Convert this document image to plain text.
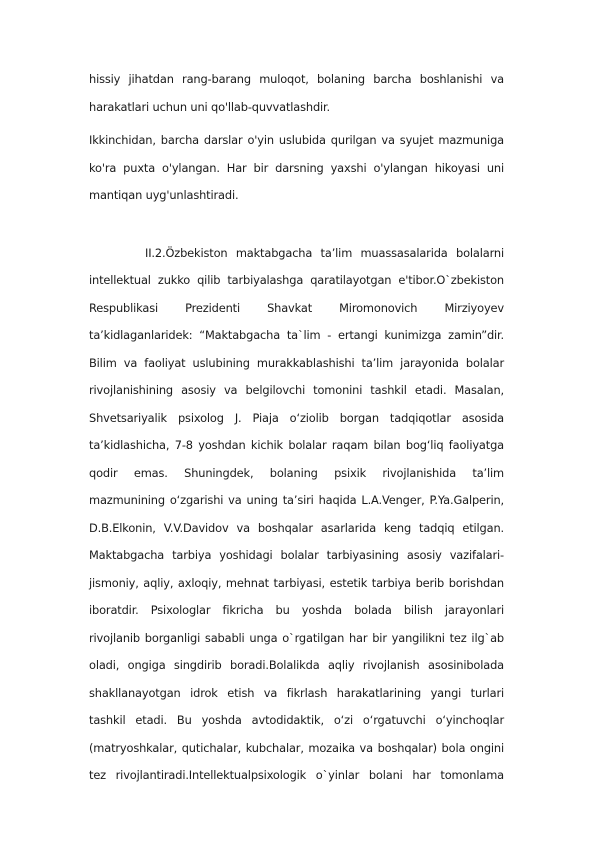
hissiy jihatdan rang-barang muloqot, bolaning barcha boshlanishi va
harakatlari uchun uni qo'llab-quvvatlashdir.

Ikkinchidan, barcha darslar o'yin uslubida qurilgan va syujet mazmuniga
ko'ra puxta o'ylangan. Har bir darsning yaxshi o'ylangan hikoyasi uni
mantiqan uyg'unlashtiradi.

II.2.Özbekiston maktabgacha ta’lim muassasalarida bolalarni
intellektual zukko qilib tarbiyalashga qaratilayotgan e'tibor.O`zbekiston
Respublikasi Prezidenti Shavkat Miromonovich Mirziyoyev
ta’kidlaganlaridek: “Maktabgacha ta`lim - ertangi kunimizga zamin”dir.
Bilim va faoliyat uslubining murakkablashishi ta’lim jarayonida bolalar
rivojlanishining asosiy va belgilovchi tomonini tashkil etadi. Masalan,
Shvetsariyalik psixolog J. Piaja o‘ziolib borgan tadqiqotlar asosida
ta’kidlashicha, 7-8 yoshdan kichik bolalar raqam bilan bog‘liq faoliyatga
qodir emas. Shuningdek, bolaning psixik rivojlanishida ta’lim
mazmunining o‘zgarishi va uning ta’siri haqida L.A.Venger, P.Ya.Galperin,
D.B.Elkonin, V.V.Davidov va boshqalar asarlarida keng tadqiq etilgan.
Maktabgacha tarbiya yoshidagi bolalar tarbiyasining asosiy vazifalari-
jismoniy, aqliy, axloqiy, mehnat tarbiyasi, estetik tarbiya berib borishdan
iboratdir. Psixologlar fikricha bu yoshda bolada bilish jarayonlari
rivojlanib borganligi sababli unga o`rgatilgan har bir yangilikni tez ilg`ab
oladi, ongiga singdirib boradi.Bolalikda aqliy rivojlanish asosinibolada
shakllanayotgan idrok etish va fikrlash harakatlarining yangi turlari
tashkil etadi. Bu yoshda avtodidaktik, o‘zi o‘rgatuvchi o‘yinchoqlar
(matryoshkalar, qutichalar, kubchalar, mozaika va boshqalar) bola ongini
tez rivojlantiradi.Intellektualpsixologik o`yinlar bolani har tomonlama
